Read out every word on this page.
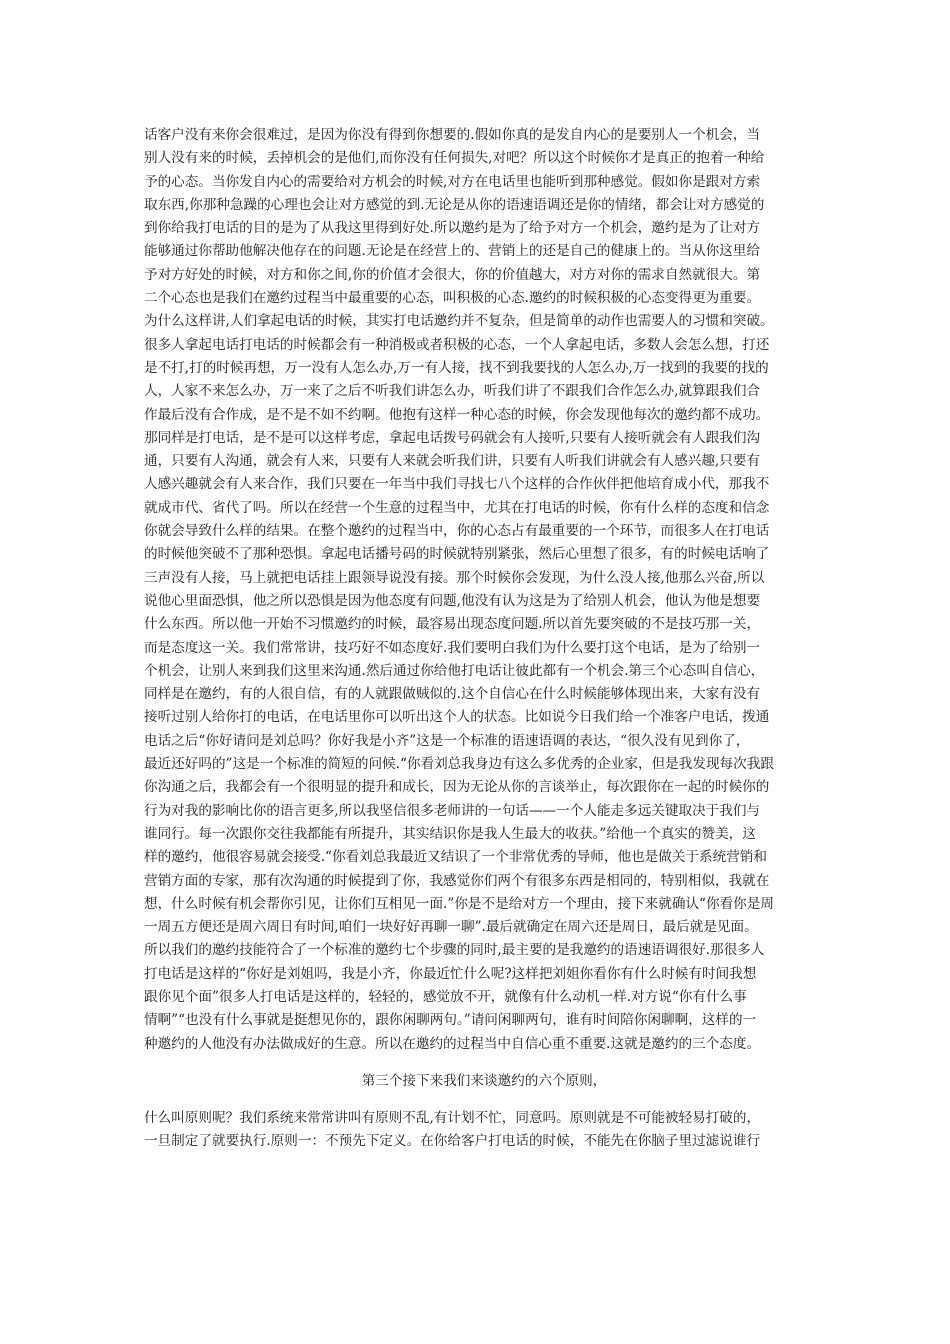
话客户没有来你会很难过，是因为你没有得到你想要的.假如你真的是发自内心的是要别人一个机会，当
别人没有来的时候，丢掉机会的是他们,而你没有任何损失,对吧？所以这个时候你才是真正的抱着一种给
予的心态。当你发自内心的需要给对方机会的时候,对方在电话里也能听到那种感觉。假如你是跟对方索
取东西,你那种急躁的心理也会让对方感觉的到.无论是从你的语速语调还是你的情绪，都会让对方感觉的
到你给我打电话的目的是为了从我这里得到好处.所以邀约是为了给予对方一个机会，邀约是为了让对方
能够通过你帮助他解决他存在的问题.无论是在经营上的、营销上的还是自己的健康上的。当从你这里给
予对方好处的时候，对方和你之间,你的价值才会很大，你的价值越大，对方对你的需求自然就很大。第
二个心态也是我们在邀约过程当中最重要的心态，叫积极的心态.邀约的时候积极的心态变得更为重要。
为什么这样讲,人们拿起电话的时候，其实打电话邀约并不复杂，但是简单的动作也需要人的习惯和突破。
很多人拿起电话打电话的时候都会有一种消极或者积极的心态，一个人拿起电话，多数人会怎么想，打还
是不打,打的时候再想，万一没有人怎么办,万一有人接，找不到我要找的人怎么办,万一找到的我要的找的
人，人家不来怎么办，万一来了之后不听我们讲怎么办，听我们讲了不跟我们合作怎么办,就算跟我们合
作最后没有合作成，是不是不如不约啊。他抱有这样一种心态的时候，你会发现他每次的邀约都不成功。
那同样是打电话，是不是可以这样考虑，拿起电话拨号码就会有人接听,只要有人接听就会有人跟我们沟
通，只要有人沟通，就会有人来，只要有人来就会听我们讲，只要有人听我们讲就会有人感兴趣,只要有
人感兴趣就会有人来合作，我们只要在一年当中我们寻找七八个这样的合作伙伴把他培育成小代，那我不
就成市代、省代了吗。所以在经营一个生意的过程当中，尤其在打电话的时候，你有什么样的态度和信念
你就会导致什么样的结果。在整个邀约的过程当中，你的心态占有最重要的一个环节，而很多人在打电话
的时候他突破不了那种恐惧。拿起电话播号码的时候就特别紧张，然后心里想了很多，有的时候电话响了
三声没有人接，马上就把电话挂上跟领导说没有接。那个时候你会发现，为什么没人接,他那么兴奋,所以
说他心里面恐惧，他之所以恐惧是因为他态度有问题,他没有认为这是为了给别人机会，他认为他是想要
什么东西。所以他一开始不习惯邀约的时候，最容易出现态度问题.所以首先要突破的不是技巧那一关，
而是态度这一关。我们常常讲，技巧好不如态度好.我们要明白我们为什么要打这个电话，是为了给别一
个机会，让别人来到我们这里来沟通.然后通过你给他打电话让彼此都有一个机会.第三个心态叫自信心，
同样是在邀约，有的人很自信，有的人就跟做贼似的.这个自信心在什么时候能够体现出来，大家有没有
接听过别人给你打的电话，在电话里你可以听出这个人的状态。比如说今日我们给一个准客户电话，拨通
电话之后“你好请问是刘总吗？你好我是小齐”这是一个标准的语速语调的表达，“很久没有见到你了，
最近还好吗的”这是一个标准的简短的问候.“你看刘总我身边有这么多优秀的企业家，但是我发现每次我跟
你沟通之后，我都会有一个很明显的提升和成长，因为无论从你的言谈举止，每次跟你在一起的时候你的
行为对我的影响比你的语言更多,所以我坚信很多老师讲的一句话——一个人能走多远关键取决于我们与
谁同行。每一次跟你交往我都能有所提升，其实结识你是我人生最大的收获。”给他一个真实的赞美，这
样的邀约，他很容易就会接受.“你看刘总我最近又结识了一个非常优秀的导师，他也是做关于系统营销和
营销方面的专家，那有次沟通的时候提到了你，我感觉你们两个有很多东西是相同的，特别相似，我就在
想，什么时候有机会帮你引见，让你们互相见一面.”你是不是给对方一个理由，接下来就确认“你看你是周
一周五方便还是周六周日有时间,咱们一块好好再聊一聊”.最后就确定在周六还是周日，最后就是见面。
所以我们的邀约技能符合了一个标准的邀约七个步骤的同时,最主要的是我邀约的语速语调很好.那很多人
打电话是这样的“你好是刘姐吗，我是小齐，你最近忙什么呢?这样把刘姐你看你有什么时候有时间我想
跟你见个面”很多人打电话是这样的，轻轻的，感觉放不开，就像有什么动机一样.对方说“你有什么事
情啊”“也没有什么事就是挺想见你的，跟你闲聊两句。”请问闲聊两句，谁有时间陪你闲聊啊，这样的一
种邀约的人他没有办法做成好的生意。所以在邀约的过程当中自信心重不重要.这就是邀约的三个态度。
第三个接下来我们来谈邀约的六个原则，
什么叫原则呢？我们系统来常常讲叫有原则不乱,有计划不忙，同意吗。原则就是不可能被轻易打破的，
一旦制定了就要执行.原则一：不预先下定义。在你给客户打电话的时候，不能先在你脑子里过滤说谁行
